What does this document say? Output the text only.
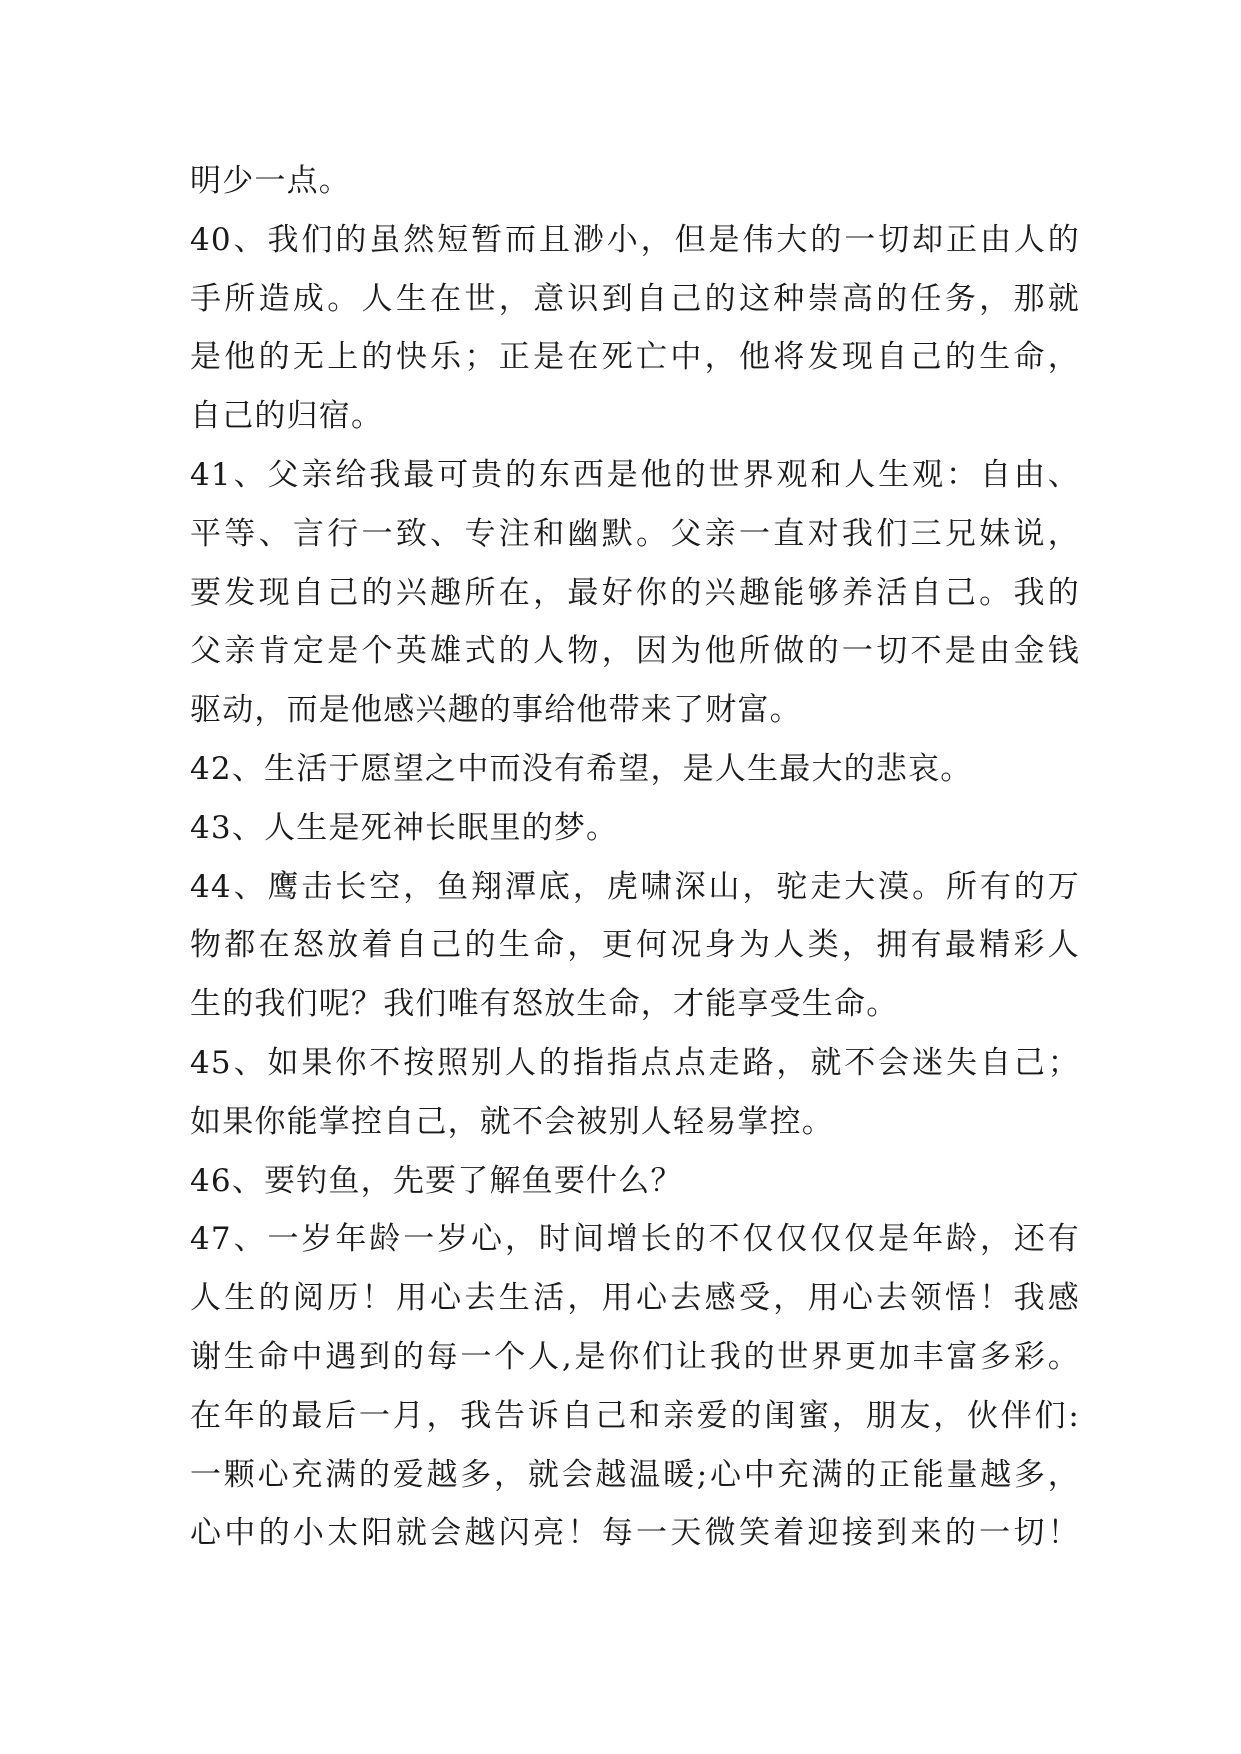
明少一点。
40、我们的虽然短暂而且渺小，但是伟大的一切却正由人的
手所造成。人生在世，意识到自己的这种崇高的任务，那就
是他的无上的快乐；正是在死亡中，他将发现自己的生命，
自己的归宿。
41、父亲给我最可贵的东西是他的世界观和人生观：自由、
平等、言行一致、专注和幽默。父亲一直对我们三兄妹说，
要发现自己的兴趣所在，最好你的兴趣能够养活自己。我的
父亲肯定是个英雄式的人物，因为他所做的一切不是由金钱
驱动，而是他感兴趣的事给他带来了财富。
42、生活于愿望之中而没有希望，是人生最大的悲哀。
43、人生是死神长眠里的梦。
44、鹰击长空，鱼翔潭底，虎啸深山，驼走大漠。所有的万
物都在怒放着自己的生命，更何况身为人类，拥有最精彩人
生的我们呢？我们唯有怒放生命，才能享受生命。
45、如果你不按照别人的指指点点走路，就不会迷失自己；
如果你能掌控自己，就不会被别人轻易掌控。
46、要钓鱼，先要了解鱼要什么？
47、一岁年龄一岁心，时间增长的不仅仅仅仅是年龄，还有
人生的阅历！用心去生活，用心去感受，用心去领悟！我感
谢生命中遇到的每一个人,是你们让我的世界更加丰富多彩。
在年的最后一月，我告诉自己和亲爱的闺蜜，朋友，伙伴们:
一颗心充满的爱越多，就会越温暖;心中充满的正能量越多，
心中的小太阳就会越闪亮！每一天微笑着迎接到来的一切！
